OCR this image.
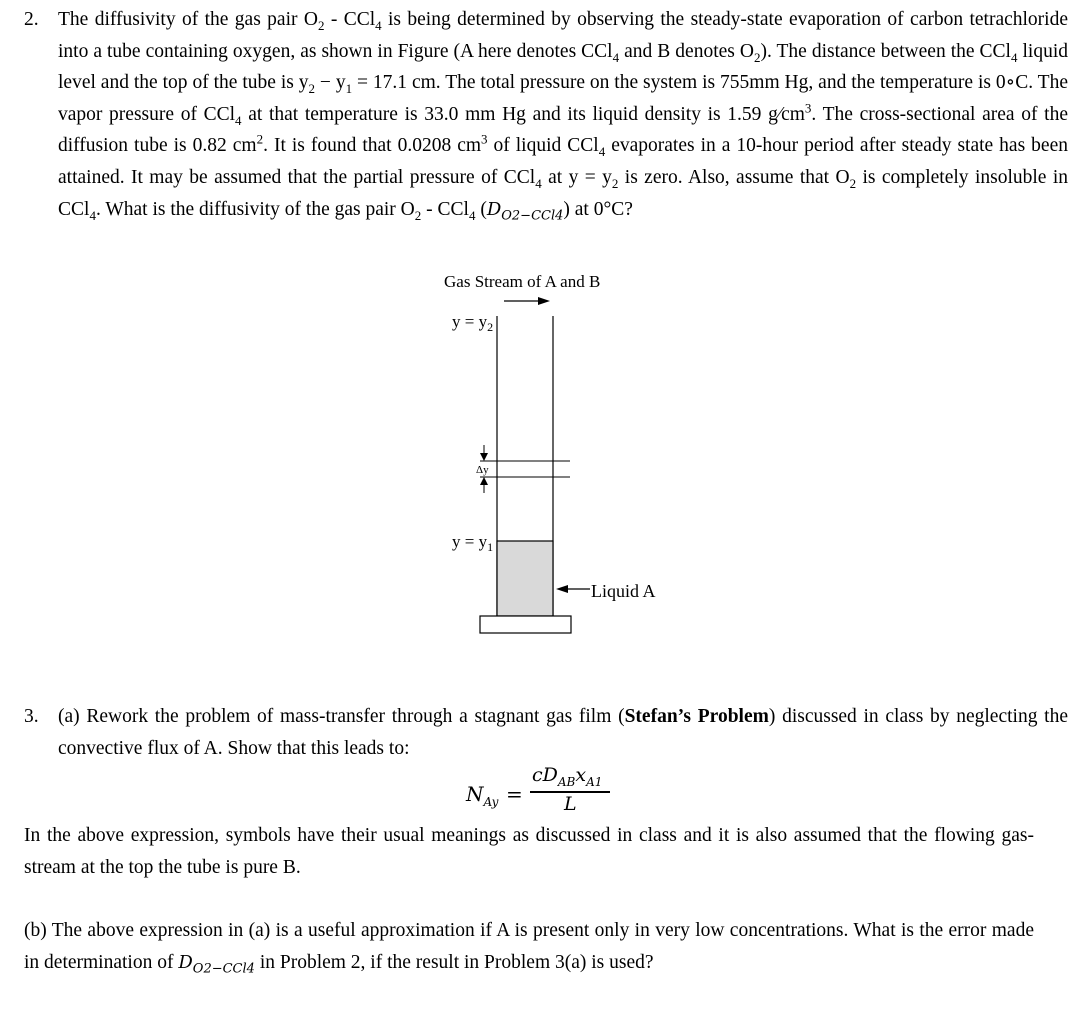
2. The diffusivity of the gas pair $O_2 - CCl_4$ is being determined by observing the steady-state evaporation of carbon tetrachloride into a tube containing oxygen, as shown in Figure (A here denotes CCl$_4$ and B denotes $O_2$). The distance between the CCl$_4$ liquid level and the top of the tube is $y_2 - y_1 = 17.1$ cm. The total pressure on the system is 755mm Hg, and the temperature is 0∘C. The vapor pressure of CCl$_4$ at that temperature is 33.0 mm Hg and its liquid density is 1.59 $g⁄cm^3$. The cross-sectional area of the diffusion tube is 0.82 $cm^2$. It is found that 0.0208 $cm^3$ of liquid CCl$_4$ evaporates in a 10-hour period after steady state has been attained. It may be assumed that the partial pressure of CCl$_4$ at $y = y_2$ is zero. Also, assume that $O_2$ is completely insoluble in CCl$_4$. What is the diffusivity of the gas pair $O_2 - CCl_4$ $(D_{O2-CCl4})$ at 0°C?
Gas Stream of A and B
$y = y_2$
Δy
$y = y_1$
Liquid A
3. (a) Rework the problem of mass-transfer through a stagnant gas film (Stefan’s Problem) discussed in class by neglecting the convective flux of A. Show that this leads to:
$N_{Ay}$ =
$cD_{AB}x_{A1}$
L
In the above expression, symbols have their usual meanings as discussed in class and it is also assumed that the flowing gas-stream at the top the tube is pure B.
(b) The above expression in (a) is a useful approximation if A is present only in very low concentrations. What is the error made in determination of $D_{O2-CCl4}$ in Problem 2, if the result in Problem 3(a) is used?
